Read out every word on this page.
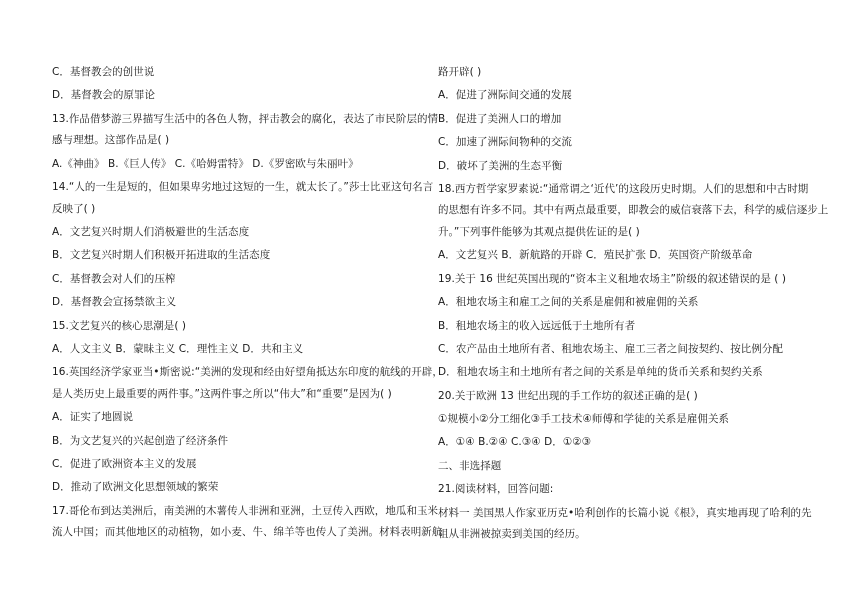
C．基督教会的创世说
D．基督教会的原罪论
13.作品借梦游三界描写生活中的各色人物，抨击教会的腐化，表达了市民阶层的情
感与理想。这部作品是( )
A.《神曲》 B.《巨人传》 C.《哈姆雷特》 D.《罗密欧与朱丽叶》
14.“人的一生是短的，但如果卑劣地过这短的一生，就太长了。”莎士比亚这句名言
反映了( )
A．文艺复兴时期人们消极避世的生活态度
B．文艺复兴时期人们积极开拓进取的生活态度
C．基督教会对人们的压榨
D．基督教会宣扬禁欲主义
15.文艺复兴的核心思潮是( )
A．人文主义 B．蒙昧主义 C．理性主义 D．共和主义
16.英国经济学家亚当•斯密说:“美洲的发现和经由好望角抵达东印度的航线的开辟，
是人类历史上最重要的两件事。”这两件事之所以“伟大”和“重要”是因为( )
A．证实了地圆说
B．为文艺复兴的兴起创造了经济条件
C．促进了欧洲资本主义的发展
D．推动了欧洲文化思想领域的繁荣
17.哥伦布到达美洲后，南美洲的木薯传人非洲和亚洲，土豆传入西欧，地瓜和玉米
流人中国；而其他地区的动植物，如小麦、牛、绵羊等也传人了美洲。材料表明新航
路开辟( )
A．促进了洲际间交通的发展
B．促进了美洲人口的增加
C．加速了洲际间物种的交流
D．破坏了美洲的生态平衡
18.西方哲学家罗素说:“通常谓之‘近代’的这段历史时期。人们的思想和中古时期
的思想有许多不同。其中有两点最重要，即教会的威信衰落下去，科学的威信逐步上
升。”下列事件能够为其观点提供佐证的是( )
A．文艺复兴 B．新航路的开辟 C．殖民扩张 D．英国资产阶级革命
19.关于 16 世纪英国出现的“资本主义租地农场主”阶级的叙述错误的是 ( )
A．租地农场主和雇工之间的关系是雇佣和被雇佣的关系
B．租地农场主的收入远远低于土地所有者
C．农产品由土地所有者、租地农场主、雇工三者之间按契约、按比例分配
D．租地农场主和土地所有者之间的关系是单纯的货币关系和契约关系
20.关于欧洲 13 世纪出现的手工作坊的叙述正确的是( )
①规模小②分工细化③手工技术④师傅和学徒的关系是雇佣关系
A．①④ B.②④ C.③④ D．①②③
二、非选择题
21.阅读材料，回答问题:
材料一 美国黑人作家亚历克•哈利创作的长篇小说《根》，真实地再现了哈利的先
祖从非洲被掠卖到美国的经历。
